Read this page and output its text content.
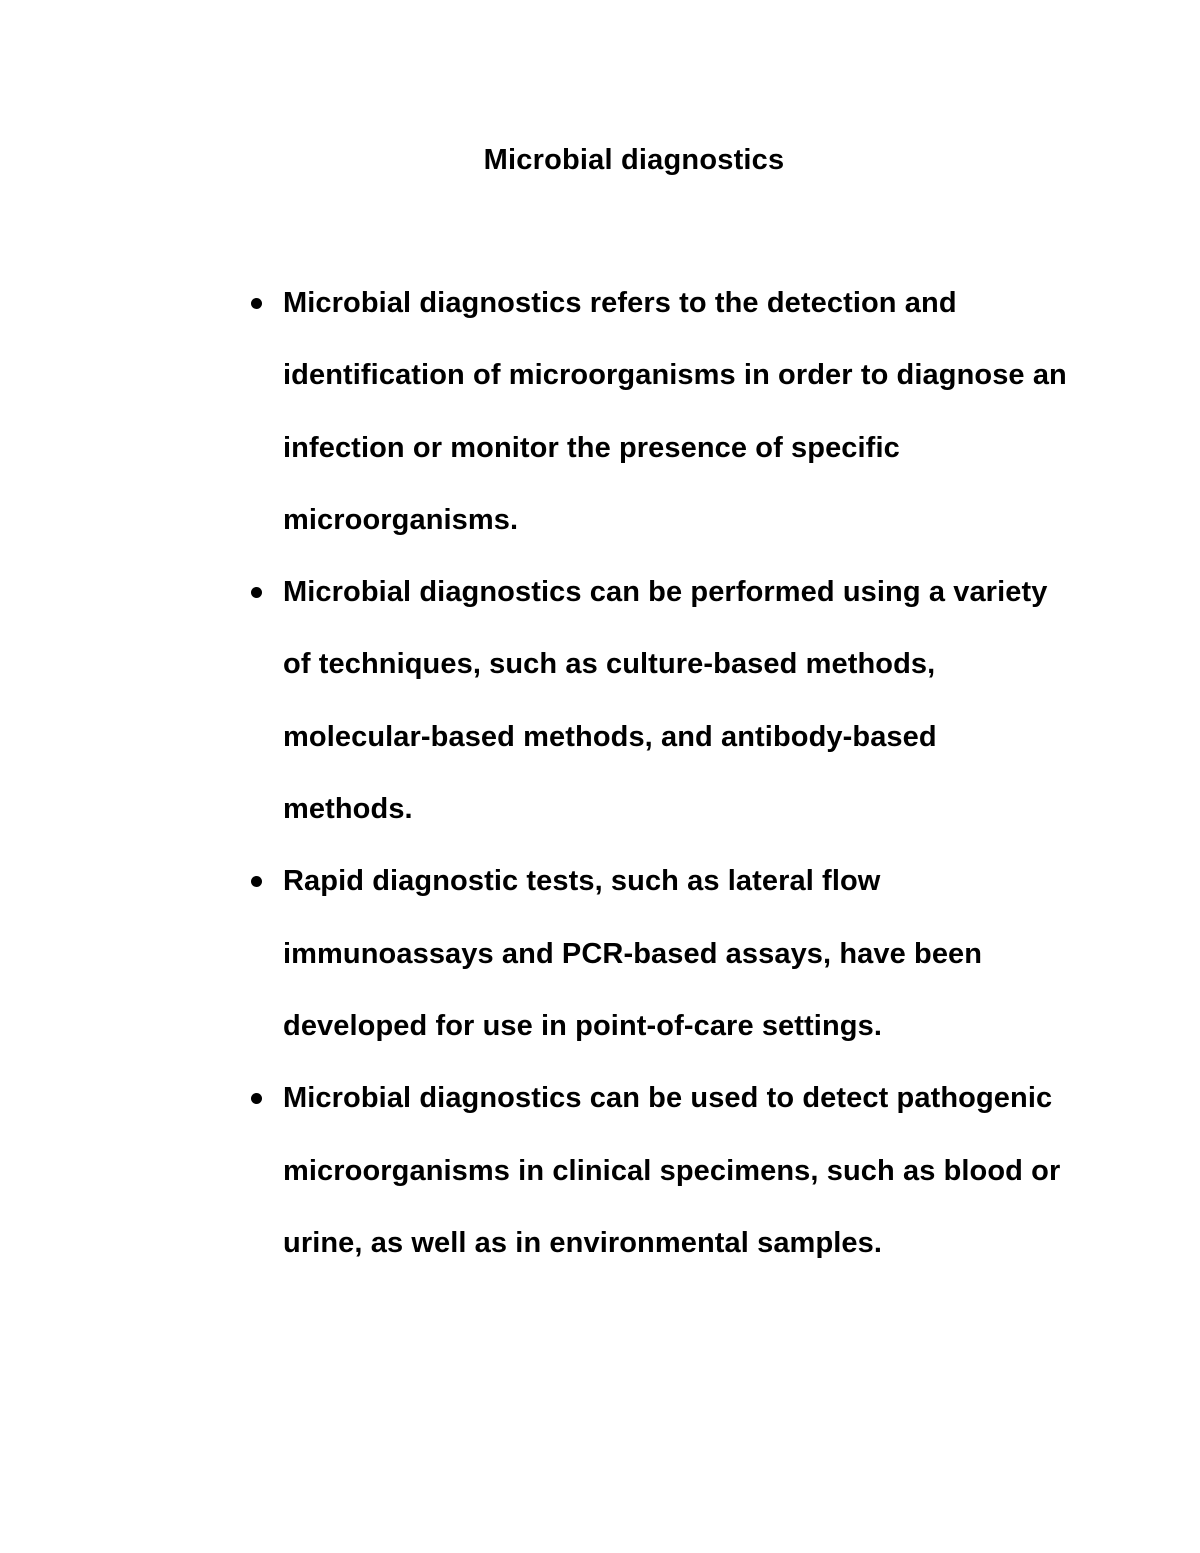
Microbial diagnostics
Microbial diagnostics refers to the detection and identification of microorganisms in order to diagnose an infection or monitor the presence of specific microorganisms.
Microbial diagnostics can be performed using a variety of techniques, such as culture-based methods, molecular-based methods, and antibody-based methods.
Rapid diagnostic tests, such as lateral flow immunoassays and PCR-based assays, have been developed for use in point-of-care settings.
Microbial diagnostics can be used to detect pathogenic microorganisms in clinical specimens, such as blood or urine, as well as in environmental samples.
